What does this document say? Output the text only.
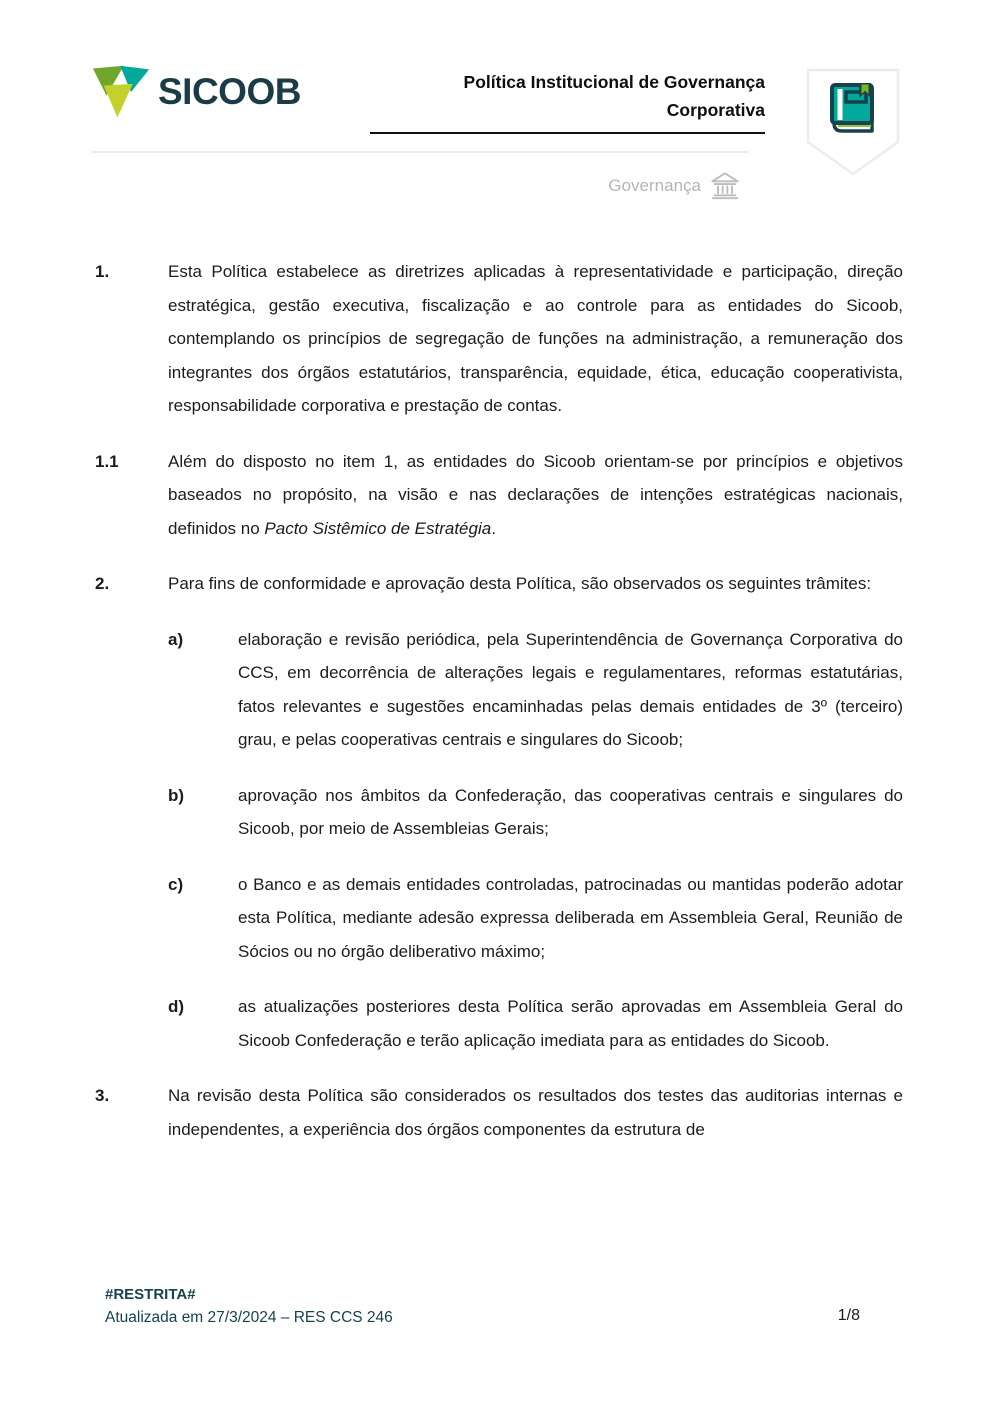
SICOOB	Política Institucional de Governança
Corporativa
Governança
1.	Esta Política estabelece as diretrizes aplicadas à representatividade e participação, direção estratégica, gestão executiva, fiscalização e ao controle para as entidades do Sicoob, contemplando os princípios de segregação de funções na administração, a remuneração dos integrantes dos órgãos estatutários, transparência, equidade, ética, educação cooperativista, responsabilidade corporativa e prestação de contas.

1.1	Além do disposto no item 1, as entidades do Sicoob orientam-se por princípios e objetivos baseados no propósito, na visão e nas declarações de intenções estratégicas nacionais, definidos no Pacto Sistêmico de Estratégia.

2.	Para fins de conformidade e aprovação desta Política, são observados os seguintes trâmites:

a)	elaboração e revisão periódica, pela Superintendência de Governança Corporativa do CCS, em decorrência de alterações legais e regulamentares, reformas estatutárias, fatos relevantes e sugestões encaminhadas pelas demais entidades de 3º (terceiro) grau, e pelas cooperativas centrais e singulares do Sicoob;

b)	aprovação nos âmbitos da Confederação, das cooperativas centrais e singulares do Sicoob, por meio de Assembleias Gerais;

c)	o Banco e as demais entidades controladas, patrocinadas ou mantidas poderão adotar esta Política, mediante adesão expressa deliberada em Assembleia Geral, Reunião de Sócios ou no órgão deliberativo máximo;

d)	as atualizações posteriores desta Política serão aprovadas em Assembleia Geral do Sicoob Confederação e terão aplicação imediata para as entidades do Sicoob.

3.	Na revisão desta Política são considerados os resultados dos testes das auditorias internas e independentes, a experiência dos órgãos componentes da estrutura de

#RESTRITA#
Atualizada em 27/3/2024 – RES CCS 246	1/8
